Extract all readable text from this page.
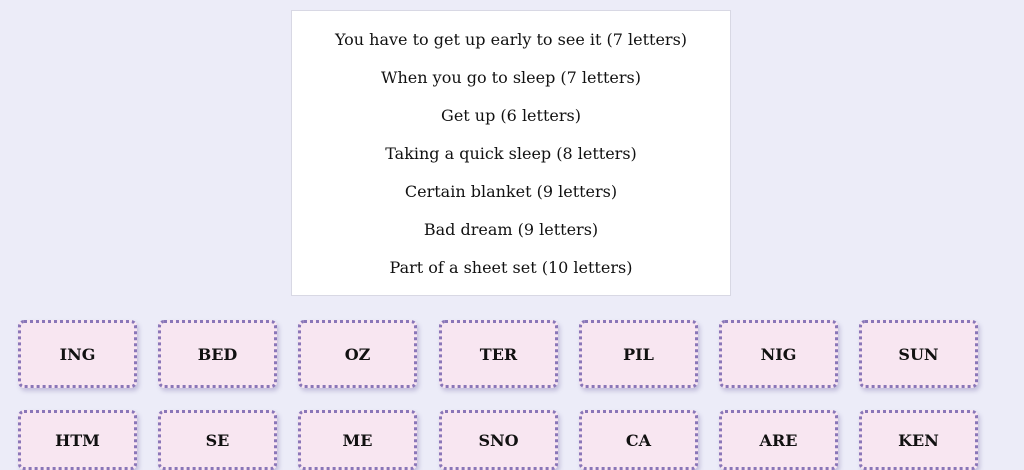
You have to get up early to see it (7 letters)
When you go to sleep (7 letters)
Get up (6 letters)
Taking a quick sleep (8 letters)
Certain blanket (9 letters)
Bad dream (9 letters)
Part of a sheet set (10 letters)
ING	BED	OZ	TER	PIL	NIG	SUN
HTM	SE	ME	SNO	CA	ARE	KEN
